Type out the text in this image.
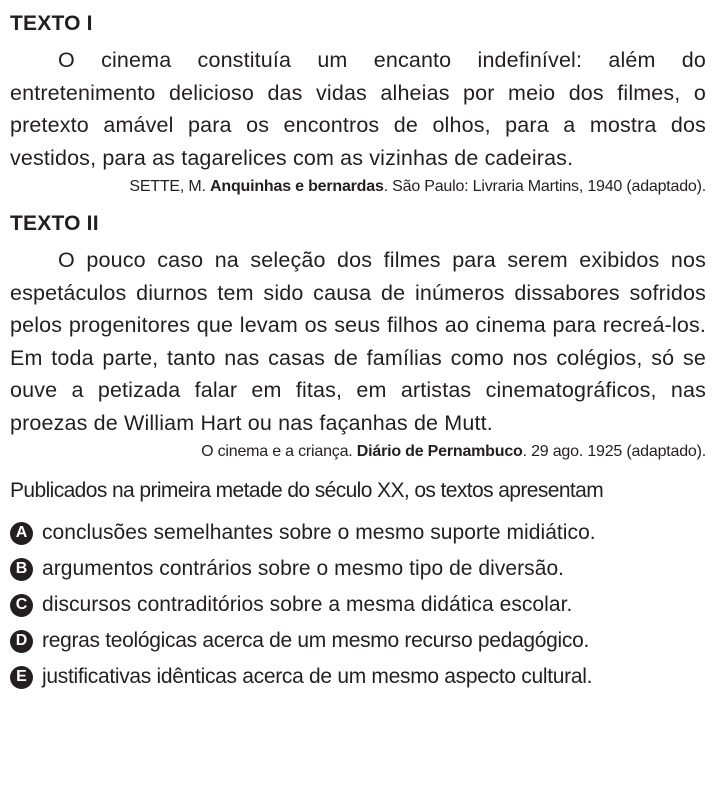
TEXTO I

O cinema constituía um encanto indefinível: além do entretenimento delicioso das vidas alheias por meio dos filmes, o pretexto amável para os encontros de olhos, para a mostra dos vestidos, para as tagarelices com as vizinhas de cadeiras.

SETTE, M. Anquinhas e bernardas. São Paulo: Livraria Martins, 1940 (adaptado).
TEXTO II

O pouco caso na seleção dos filmes para serem exibidos nos espetáculos diurnos tem sido causa de inúmeros dissabores sofridos pelos progenitores que levam os seus filhos ao cinema para recreá-los. Em toda parte, tanto nas casas de famílias como nos colégios, só se ouve a petizada falar em fitas, em artistas cinematográficos, nas proezas de William Hart ou nas façanhas de Mutt.

O cinema e a criança. Diário de Pernambuco. 29 ago. 1925 (adaptado).
Publicados na primeira metade do século XX, os textos apresentam
A conclusões semelhantes sobre o mesmo suporte midiático.
B argumentos contrários sobre o mesmo tipo de diversão.
C discursos contraditórios sobre a mesma didática escolar.
D regras teológicas acerca de um mesmo recurso pedagógico.
E justificativas idênticas acerca de um mesmo aspecto cultural.
